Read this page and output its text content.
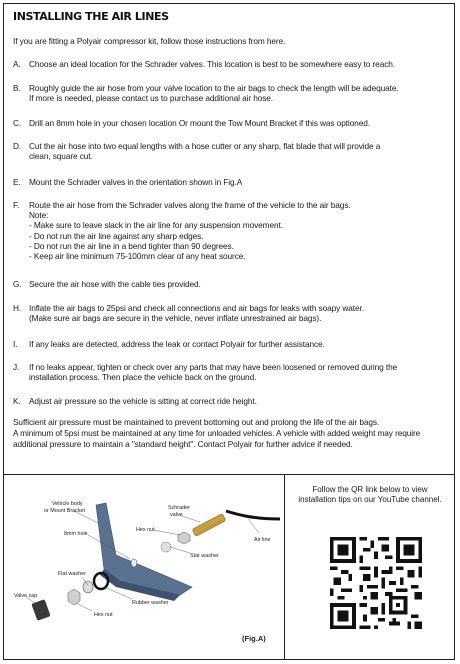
INSTALLING THE AIR LINES
If you are fitting a Polyair compressor kit, follow those instructions from here.
A. Choose an ideal location for the Schrader valves. This location is best to be somewhere easy to reach.
B. Roughly guide the air hose from your valve location to the air bags to check the length will be adequate.
If more is needed, please contact us to purchase additional air hose.
C. Drill an 8mm hole in your chosen location Or mount the Tow Mount Bracket if this was optioned.
D. Cut the air hose into two equal lengths with a hose cutter or any sharp, flat blade that will provide a
clean, square cut.
E. Mount the Schrader valves in the orientation shown in Fig.A
F. Route the air hose from the Schrader valves along the frame of the vehicle to the air bags.
Note:
- Make sure to leave slack in the air line for any suspension movement.
- Do not run the air line against any sharp edges.
- Do not run the air line in a bend tighter than 90 degrees.
- Keep air line minimum 75-100mm clear of any heat source.
G. Secure the air hose with the cable ties provided.
H. Inflate the air bags to 25psi and check all connections and air bags for leaks with soapy water.
(Make sure air bags are secure in the vehicle, never inflate unrestrained air bags).
I. If any leaks are detected, address the leak or contact Polyair for further assistance.
J. If no leaks appear, tighten or check over any parts that may have been loosened or removed during the
installation process. Then place the vehicle back on the ground.
K. Adjust air pressure so the vehicle is sitting at correct ride height.
Sufficient air pressure must be maintained to prevent bottoming out and prolong the life of the air bags.
A minimum of 5psi must be maintained at any time for unloaded vehicles. A vehicle with added weight may require additional pressure to maintain a "standard height". Contact Polyair for further advice if needed.
Vehicle body
or Mount Bracket
8mm hole
Hex nut
Schrader
valve
Air line
Star washer
Flat washer
Rubber washer
Valve cap
Hex nut
(Fig.A)
Follow the QR link below to view installation tips on our YouTube channel.
